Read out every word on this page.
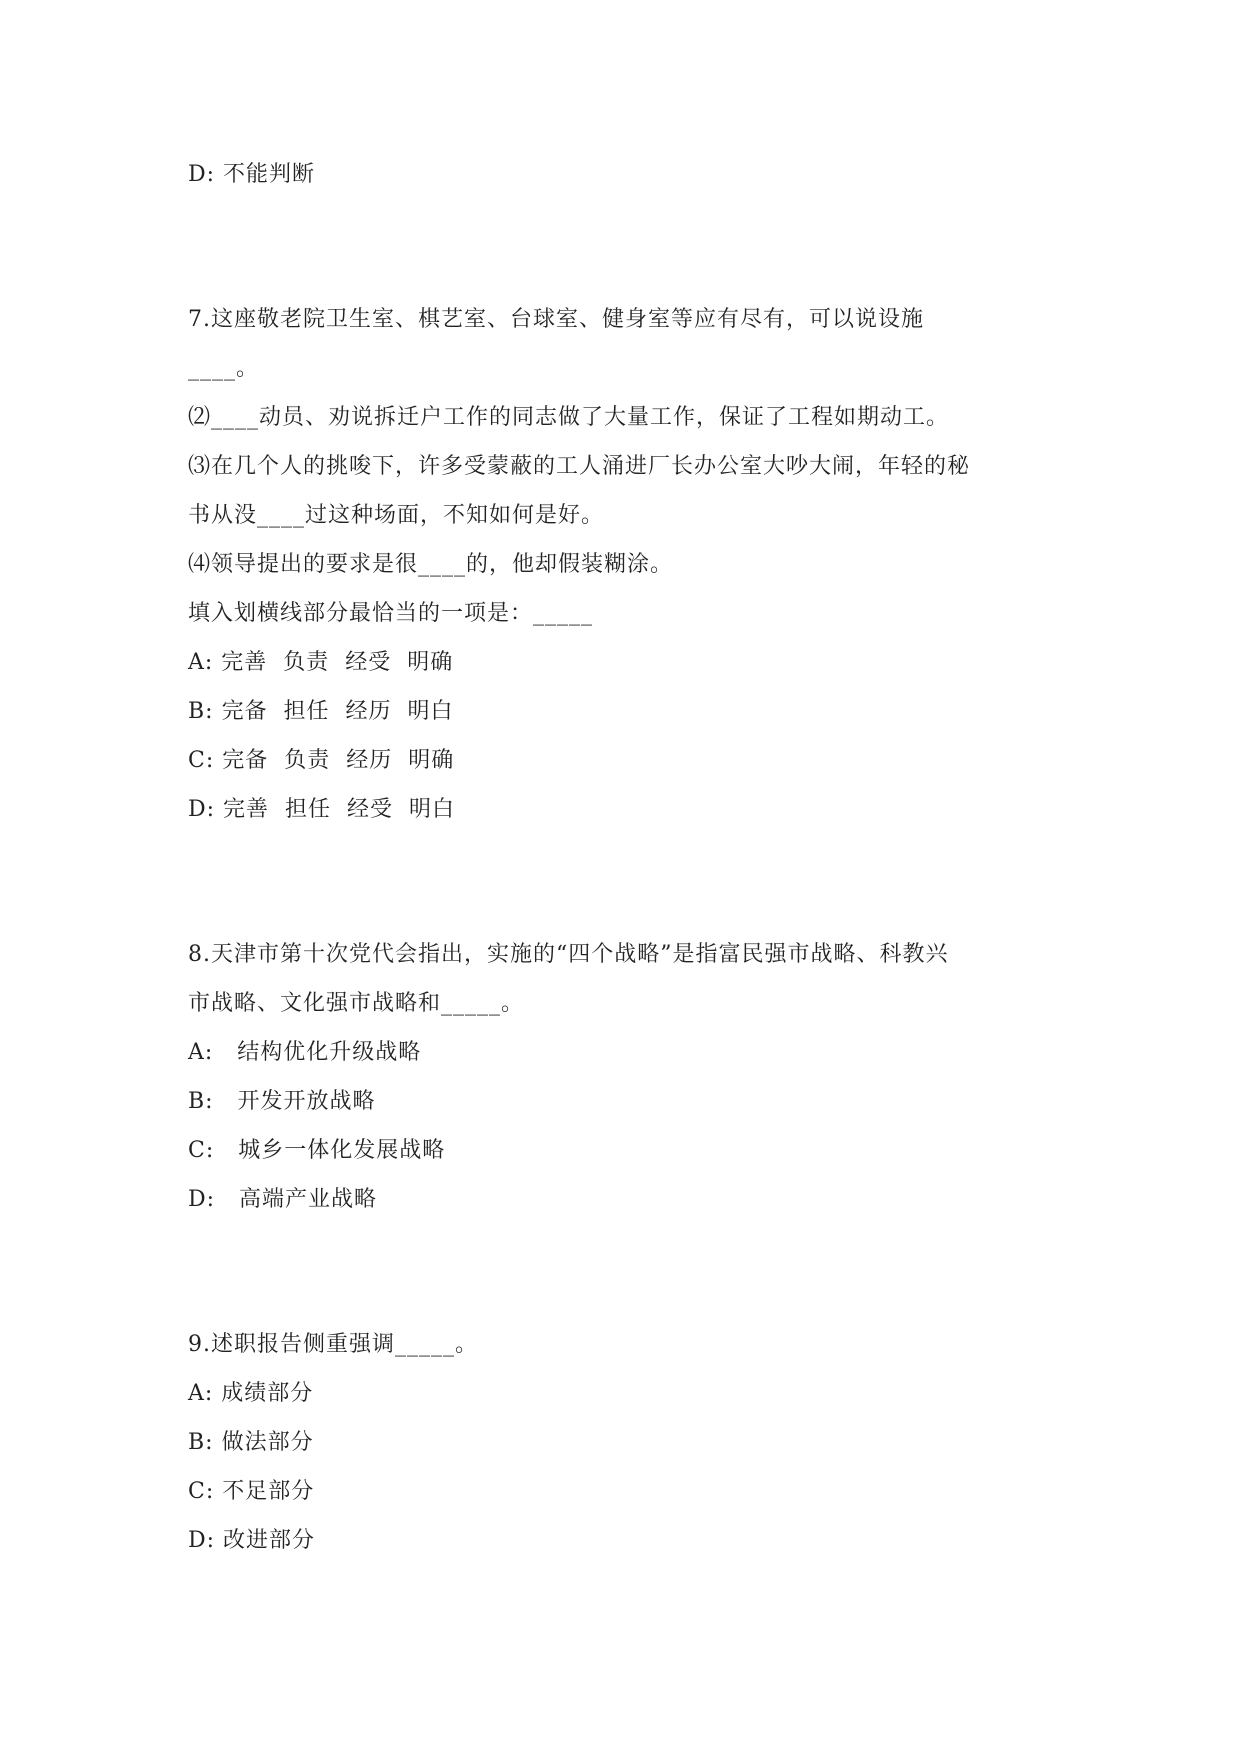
D: 不能判断
7.这座敬老院卫生室、棋艺室、台球室、健身室等应有尽有，可以说设施
____。
⑵____动员、劝说拆迁户工作的同志做了大量工作，保证了工程如期动工。
⑶在几个人的挑唆下，许多受蒙蔽的工人涌进厂长办公室大吵大闹，年轻的秘
书从没____过这种场面，不知如何是好。
⑷领导提出的要求是很____的，他却假装糊涂。
填入划横线部分最恰当的一项是：_____
A: 完善  负责  经受  明确
B: 完备  担任  经历  明白
C: 完备  负责  经历  明确
D: 完善  担任  经受  明白
8.天津市第十次党代会指出，实施的“四个战略”是指富民强市战略、科教兴
市战略、文化强市战略和_____。
A:   结构优化升级战略
B:   开发开放战略
C:   城乡一体化发展战略
D:   高端产业战略
9.述职报告侧重强调_____。
A: 成绩部分
B: 做法部分
C: 不足部分
D: 改进部分
